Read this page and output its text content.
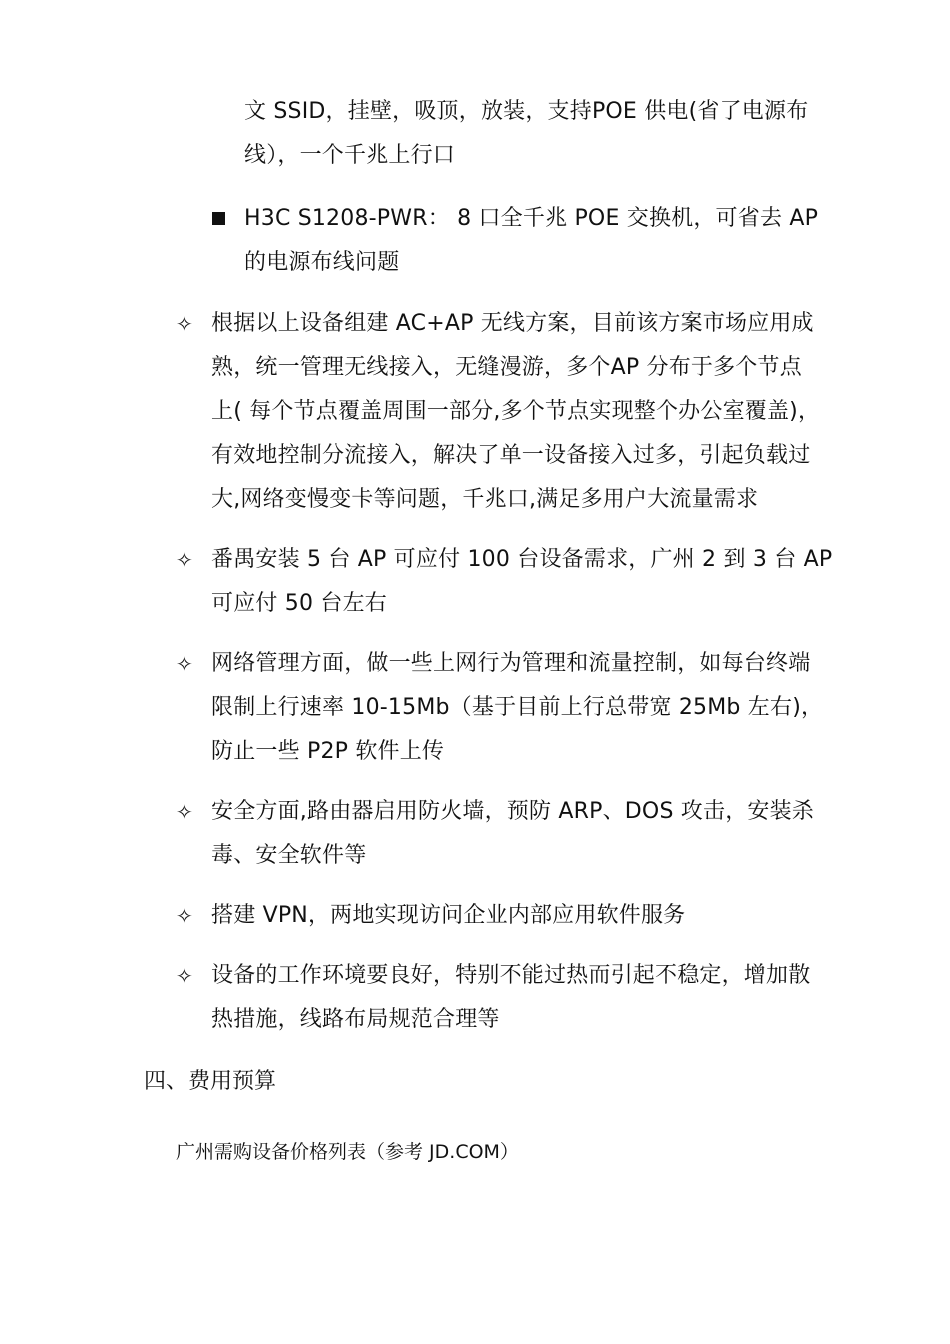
文 SSID，挂壁，吸顶，放装，支持POE 供电(省了电源布
线），一个千兆上行口
H3C S1208-PWR： 8 口全千兆 POE 交换机，可省去 AP
的电源布线问题
✧ 根据以上设备组建 AC+AP 无线方案，目前该方案市场应用成
熟，统一管理无线接入，无缝漫游，多个AP 分布于多个节点
上( 每个节点覆盖周围一部分,多个节点实现整个办公室覆盖)，
有效地控制分流接入，解决了单一设备接入过多，引起负载过
大,网络变慢变卡等问题，千兆口,满足多用户大流量需求
✧ 番禺安装 5 台 AP 可应付 100 台设备需求，广州 2 到 3 台 AP
可应付 50 台左右
✧ 网络管理方面，做一些上网行为管理和流量控制，如每台终端
限制上行速率 10-15Mb（基于目前上行总带宽 25Mb 左右)，
防止一些 P2P 软件上传
✧ 安全方面,路由器启用防火墙，预防 ARP、DOS 攻击，安装杀
毒、安全软件等
✧ 搭建 VPN，两地实现访问企业内部应用软件服务
✧ 设备的工作环境要良好，特别不能过热而引起不稳定，增加散
热措施，线路布局规范合理等
四、费用预算
广州需购设备价格列表（参考 JD.COM）
